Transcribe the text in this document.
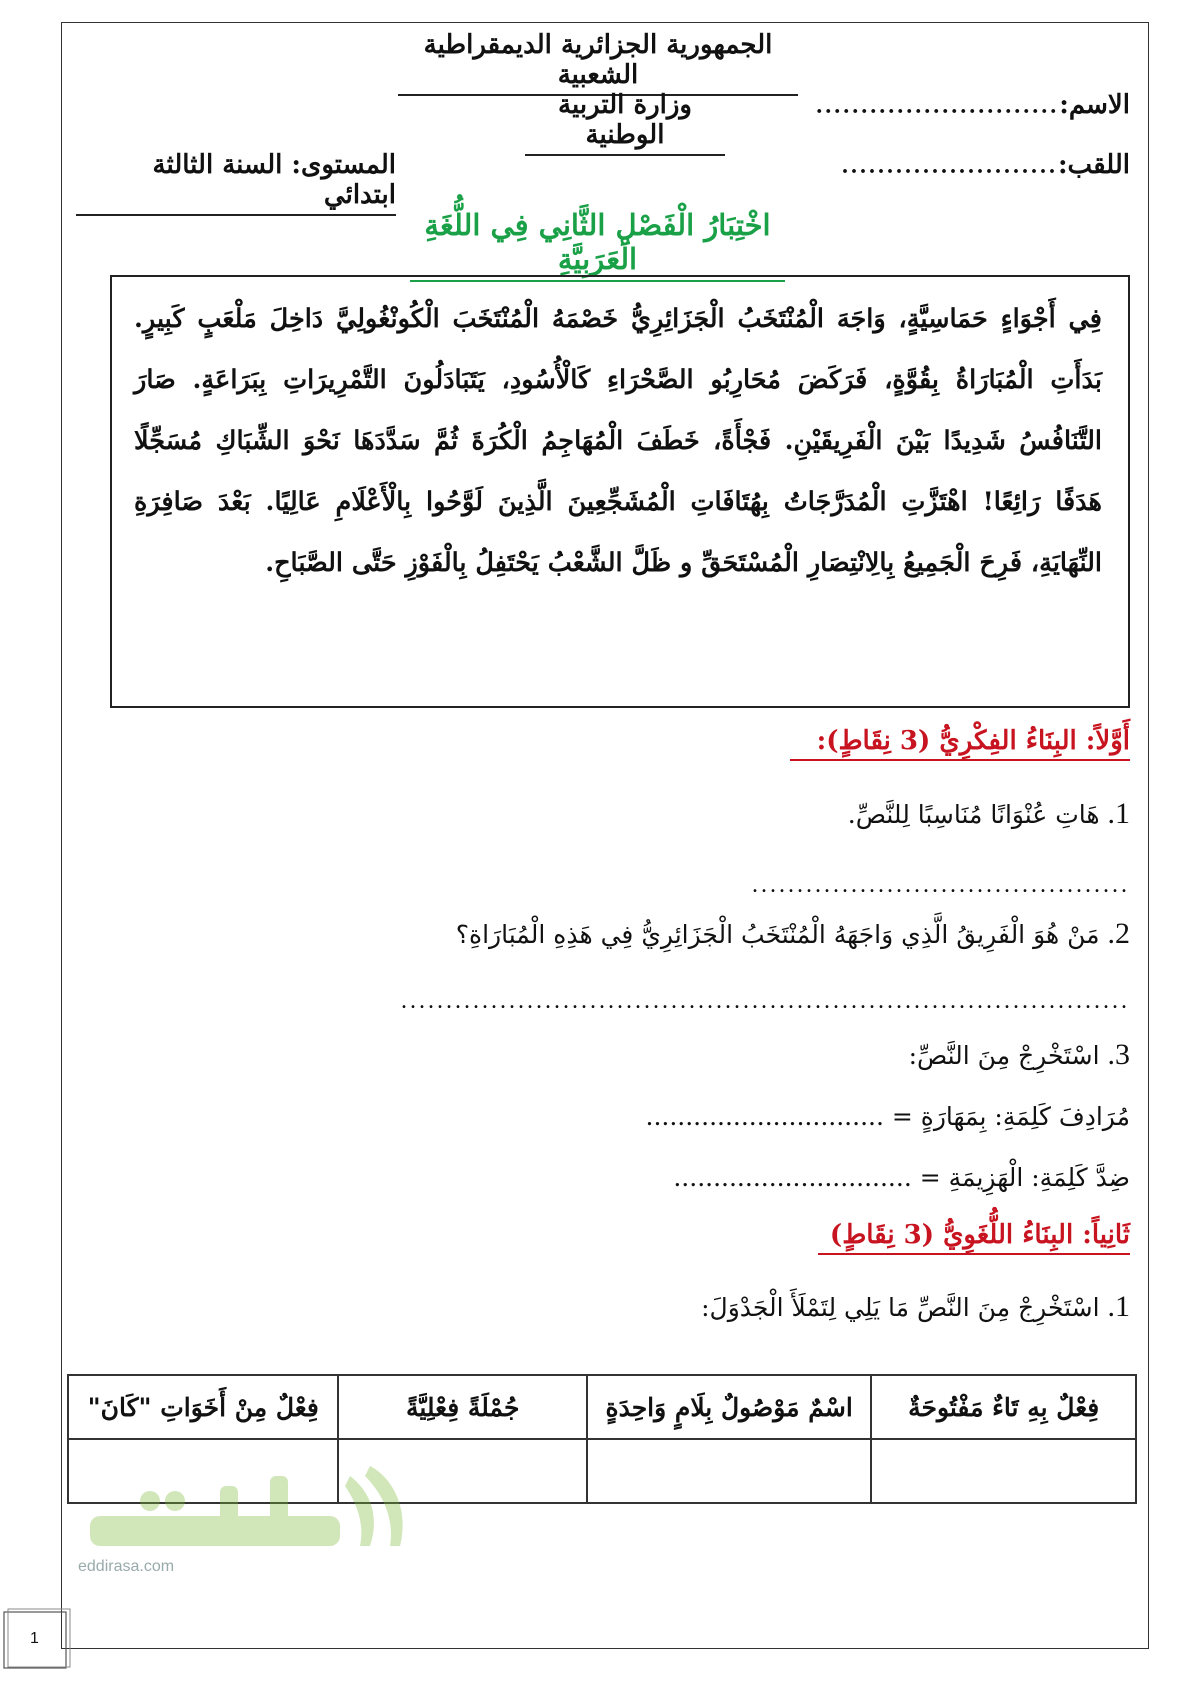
الجمهورية الجزائرية الديمقراطية الشعبية
وزارة التربية الوطنية
الاسم:
...........................
المستوى: السنة الثالثة ابتدائي
اللقب:
........................
اخْتِبَارُ الْفَصْلِ الثَّانِي فِي اللُّغَةِ الْعَرَبِيَّةِ
فِي أَجْوَاءٍ حَمَاسِيَّةٍ، وَاجَهَ الْمُنْتَخَبُ الْجَزَائِرِيُّ خَصْمَهُ الْمُنْتَخَبَ الْكُونْغُولِيَّ دَاخِلَ مَلْعَبٍ كَبِيرٍ. بَدَأَتِ الْمُبَارَاةُ بِقُوَّةٍ، فَرَكَضَ مُحَارِبُو الصَّحْرَاءِ كَالْأُسُودِ، يَتَبَادَلُونَ التَّمْرِيرَاتِ بِبَرَاعَةٍ. صَارَ التَّنَافُسُ شَدِيدًا بَيْنَ الْفَرِيقَيْنِ. فَجْأَةً، خَطَفَ الْمُهَاجِمُ الْكُرَةَ ثُمَّ سَدَّدَهَا نَحْوَ الشِّبَاكِ مُسَجِّلًا هَدَفًا رَائِعًا! اهْتَزَّتِ الْمُدَرَّجَاتُ بِهُتَافَاتِ الْمُشَجِّعِينَ الَّذِينَ لَوَّحُوا بِالْأَعْلَامِ عَالِيًا. بَعْدَ صَافِرَةِ النِّهَايَةِ، فَرِحَ الْجَمِيعُ بِالِانْتِصَارِ الْمُسْتَحَقِّ و ظَلَّ الشَّعْبُ يَحْتَفِلُ بِالْفَوْزِ حَتَّى الصَّبَاحِ.
أَوَّلاً: البِنَاءُ الفِكْرِيُّ (3 نِقَاطٍ):
1. هَاتِ عُنْوَانًا مُنَاسِبًا لِلنَّصِّ.
..........................................
2. مَنْ هُوَ الْفَرِيقُ الَّذِي وَاجَهَهُ الْمُنْتَخَبُ الْجَزَائِرِيُّ فِي هَذِهِ الْمُبَارَاةِ؟
.................................................................................
3. اسْتَخْرِجْ مِنَ النَّصِّ:
مُرَادِفَ كَلِمَةِ: بِمَهَارَةٍ = ..............................
ضِدَّ كَلِمَةِ: الْهَزِيمَةِ = ..............................
ثَانِياً: البِنَاءُ اللُّغَوِيُّ (3 نِقَاطٍ)
1. اسْتَخْرِجْ مِنَ النَّصِّ مَا يَلِي لِتَمْلَأَ الْجَدْوَلَ:
فِعْلٌ بِهِ تَاءٌ مَفْتُوحَةٌ	اسْمٌ مَوْصُولٌ بِلَامٍ وَاحِدَةٍ	جُمْلَةً فِعْلِيَّةً	فِعْلٌ مِنْ أَخَوَاتِ "كَانَ"

eddirasa.com
1
